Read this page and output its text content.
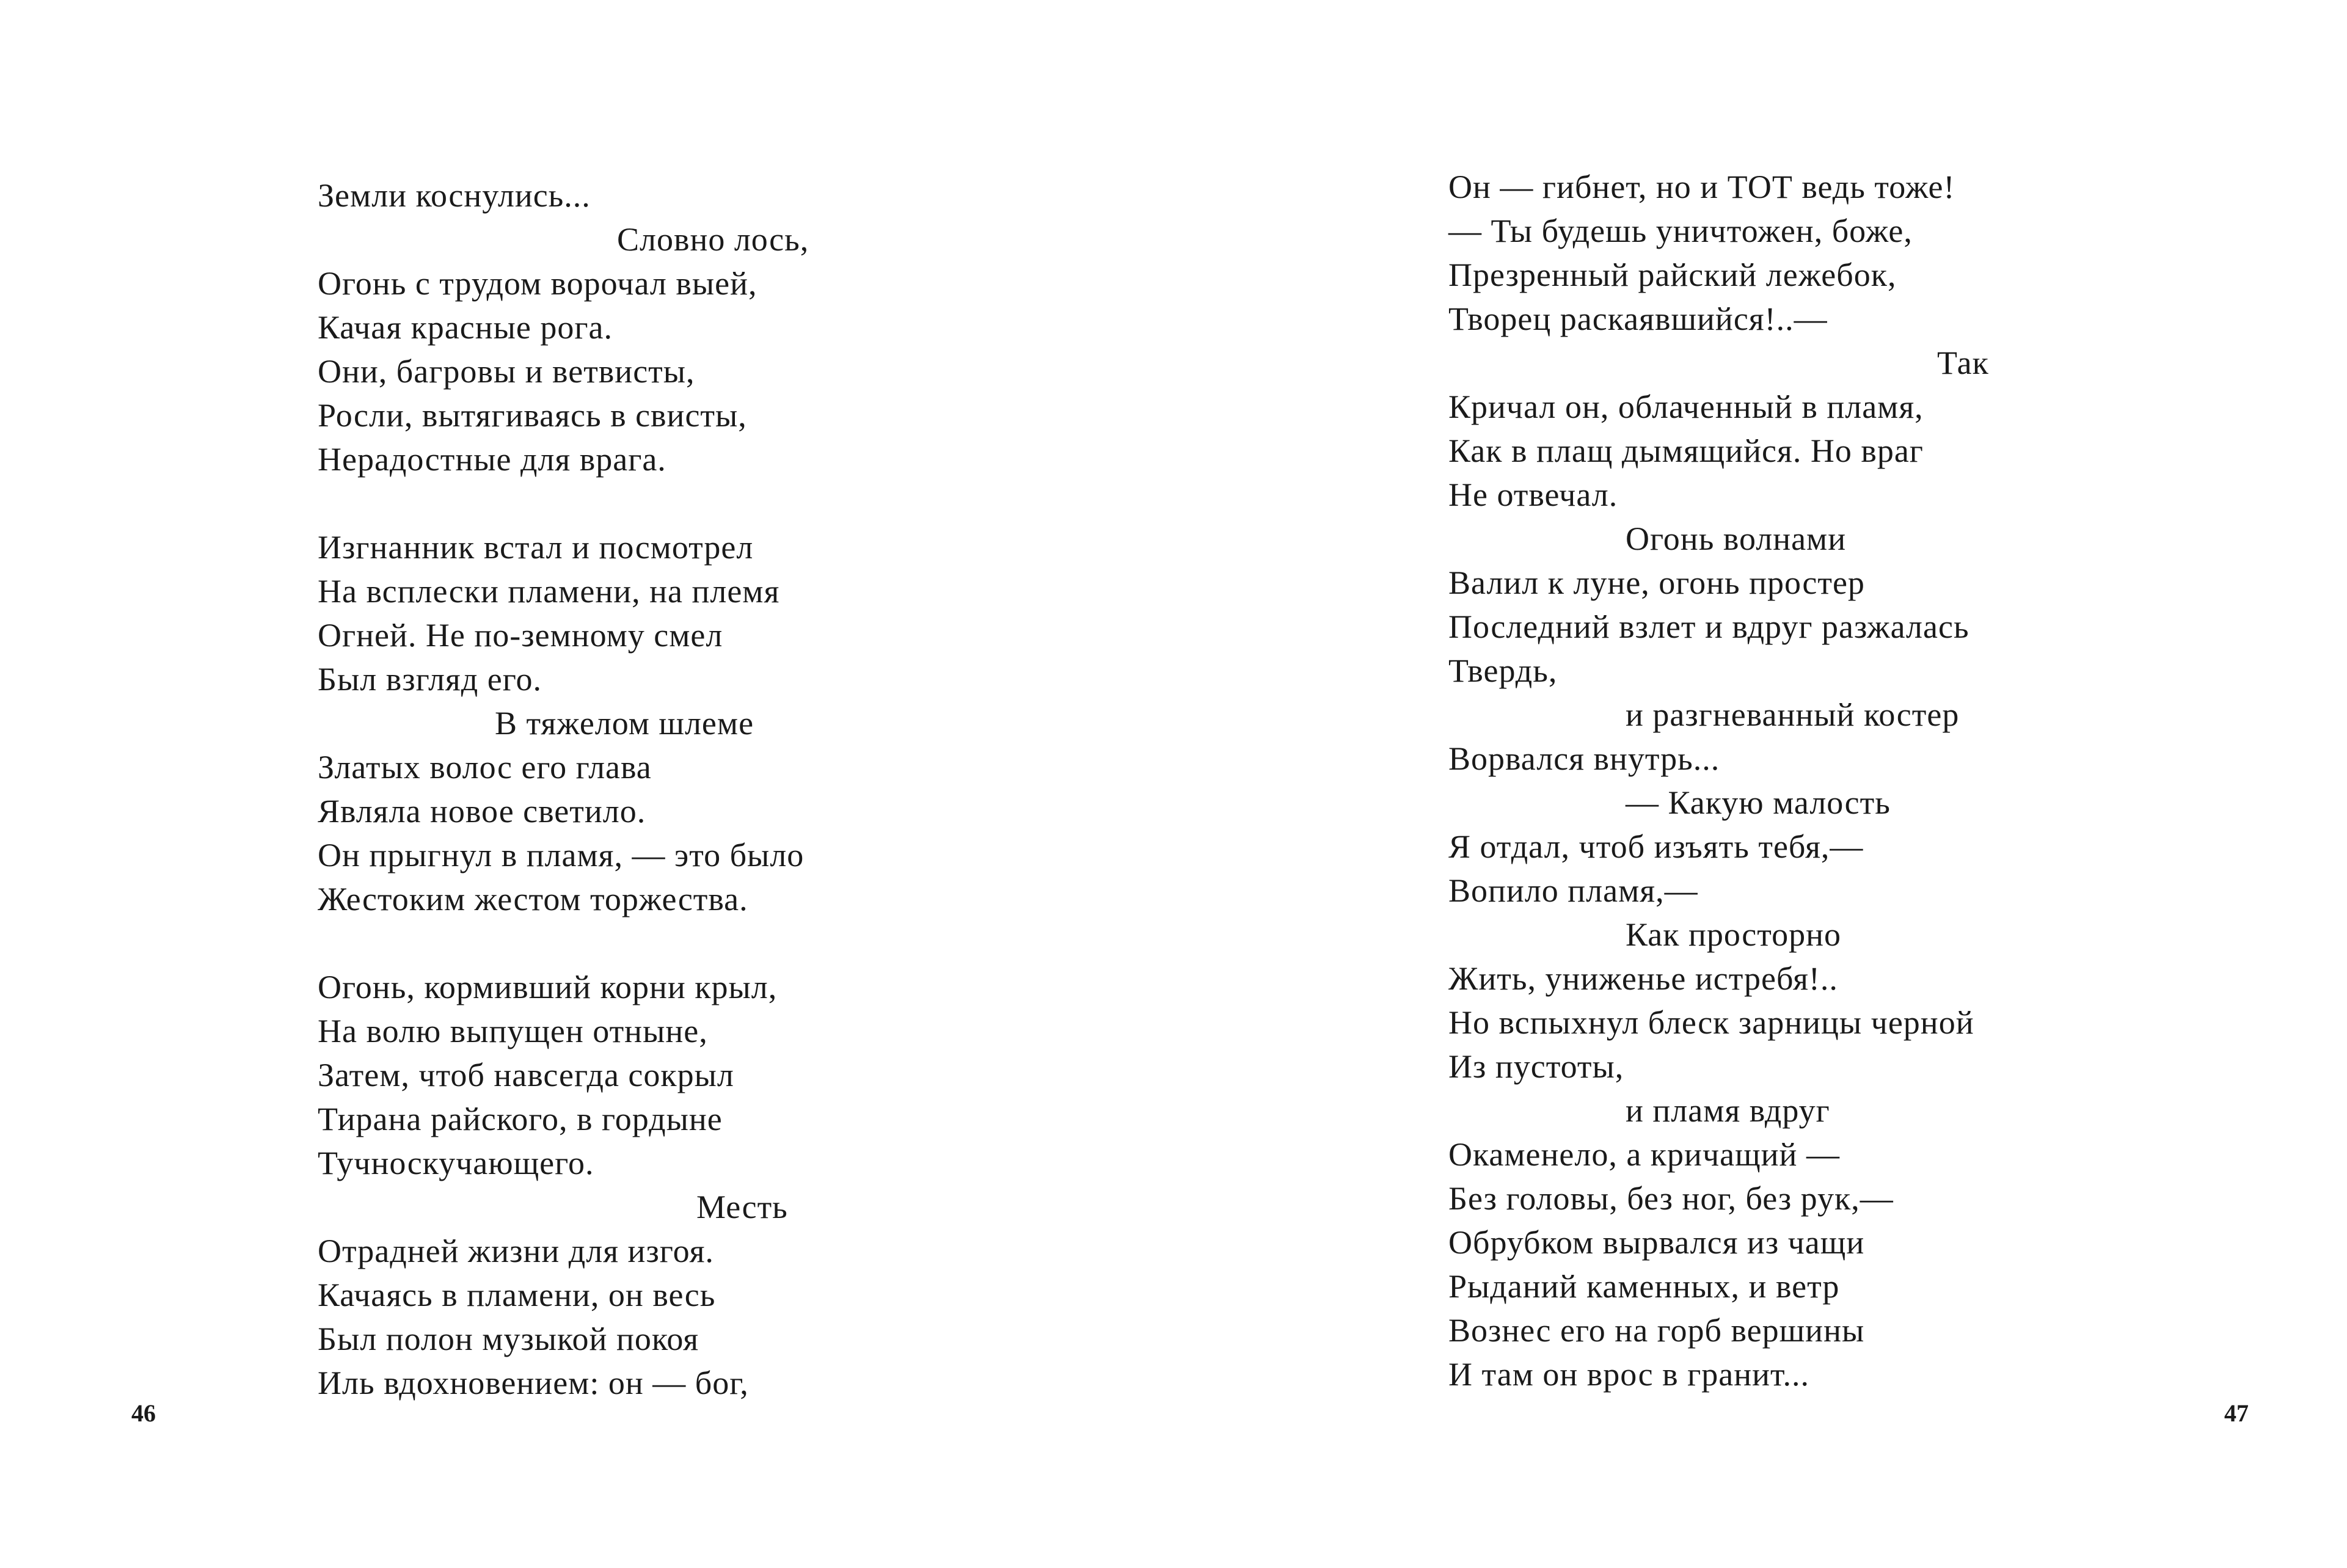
Земли коснулись...
Словно лось,
Огонь с трудом ворочал выей,
Качая красные рога.
Они, багровы и ветвисты,
Росли, вытягиваясь в свисты,
Нерадостные для врага.
Изгнанник встал и посмотрел
На всплески пламени, на племя
Огней. Не по-земному смел
Был взгляд его.
В тяжелом шлеме
Златых волос его глава
Являла новое светило.
Он прыгнул в пламя, — это было
Жестоким жестом торжества.
Огонь, кормивший корни крыл,
На волю выпущен отныне,
Затем, чтоб навсегда сокрыл
Тирана райского, в гордыне
Тучноскучающего.
Месть
Отрадней жизни для изгоя.
Качаясь в пламени, он весь
Был полон музыкой покоя
Иль вдохновением: он — бог,
46
Он — гибнет, но и ТОТ ведь тоже!
— Ты будешь уничтожен, боже,
Презренный райский лежебок,
Творец раскаявшийся!..—
Так
Кричал он, облаченный в пламя,
Как в плащ дымящийся. Но враг
Не отвечал.
Огонь волнами
Валил к луне, огонь простер
Последний взлет и вдруг разжалась
Твердь,
и разгневанный костер
Ворвался внутрь...
— Какую малость
Я отдал, чтоб изъять тебя,—
Вопило пламя,—
Как просторно
Жить, униженье истребя!..
Но вспыхнул блеск зарницы черной
Из пустоты,
и пламя вдруг
Окаменело, а кричащий —
Без головы, без ног, без рук,—
Обрубком вырвался из чащи
Рыданий каменных, и ветр
Вознес его на горб вершины
И там он врос в гранит...
47
